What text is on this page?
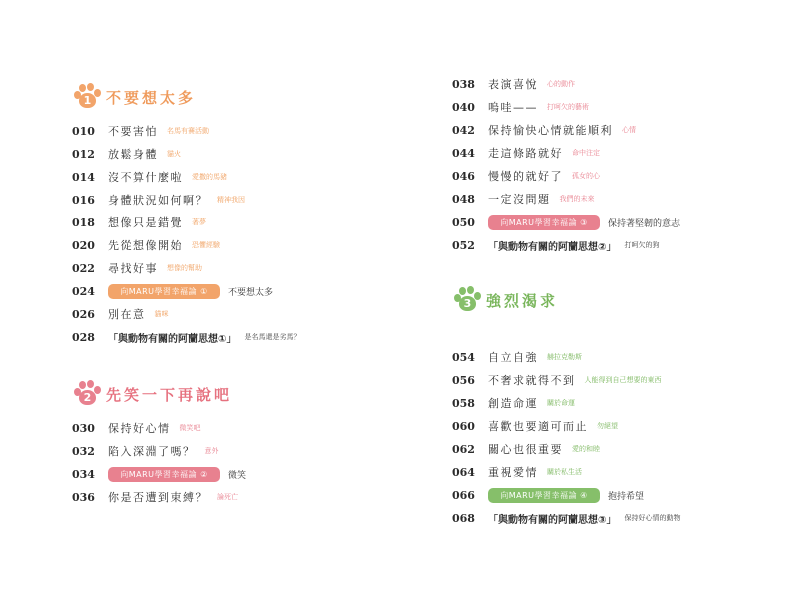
1 不要想太多
010	不要害怕 名馬有賽活動
012	放鬆身體 貓火
014	沒不算什麼啦 愛撒的馬豬
016	身體狀況如何啊？ 精神我因
018	想像只是錯覺 著夢
020	先從想像開始 恐懼經驗
022	尋找好事 想像的幫助
024	向MARU學習幸福論 ①	不要想太多
026	別在意 貓咪
028	「與動物有關的阿蘭思想①」 是名馬還是劣馬？
2 先笑一下再說吧
030	保持好心情 微笑吧
032	陷入深淵了嗎？ 意外
034	向MARU學習幸福論 ②	微笑
036	你是否遭到束縛？ 論死亡
038	表演喜悅 心的動作
040	嗚哇—— 打呵欠的藝術
042	保持愉快心情就能順利 心情
044	走這條路就好 命中注定
046	慢慢的就好了 孤女的心
048	一定沒問題 我們的未來
050	向MARU學習幸福論 ③	保持著堅韌的意志
052	「與動物有關的阿蘭思想②」 打呵欠的狗
3 強烈渴求
054	自立自強 赫拉克勒斯
056	不奢求就得不到 人能得到自己想要的東西
058	創造命運 關於命運
060	喜歡也要適可而止 勿絕望
062	關心也很重要 愛的和睦
064	重視愛情 關於私生活
066	向MARU學習幸福論 ④	抱持希望
068	「與動物有關的阿蘭思想③」 保持好心情的動物
